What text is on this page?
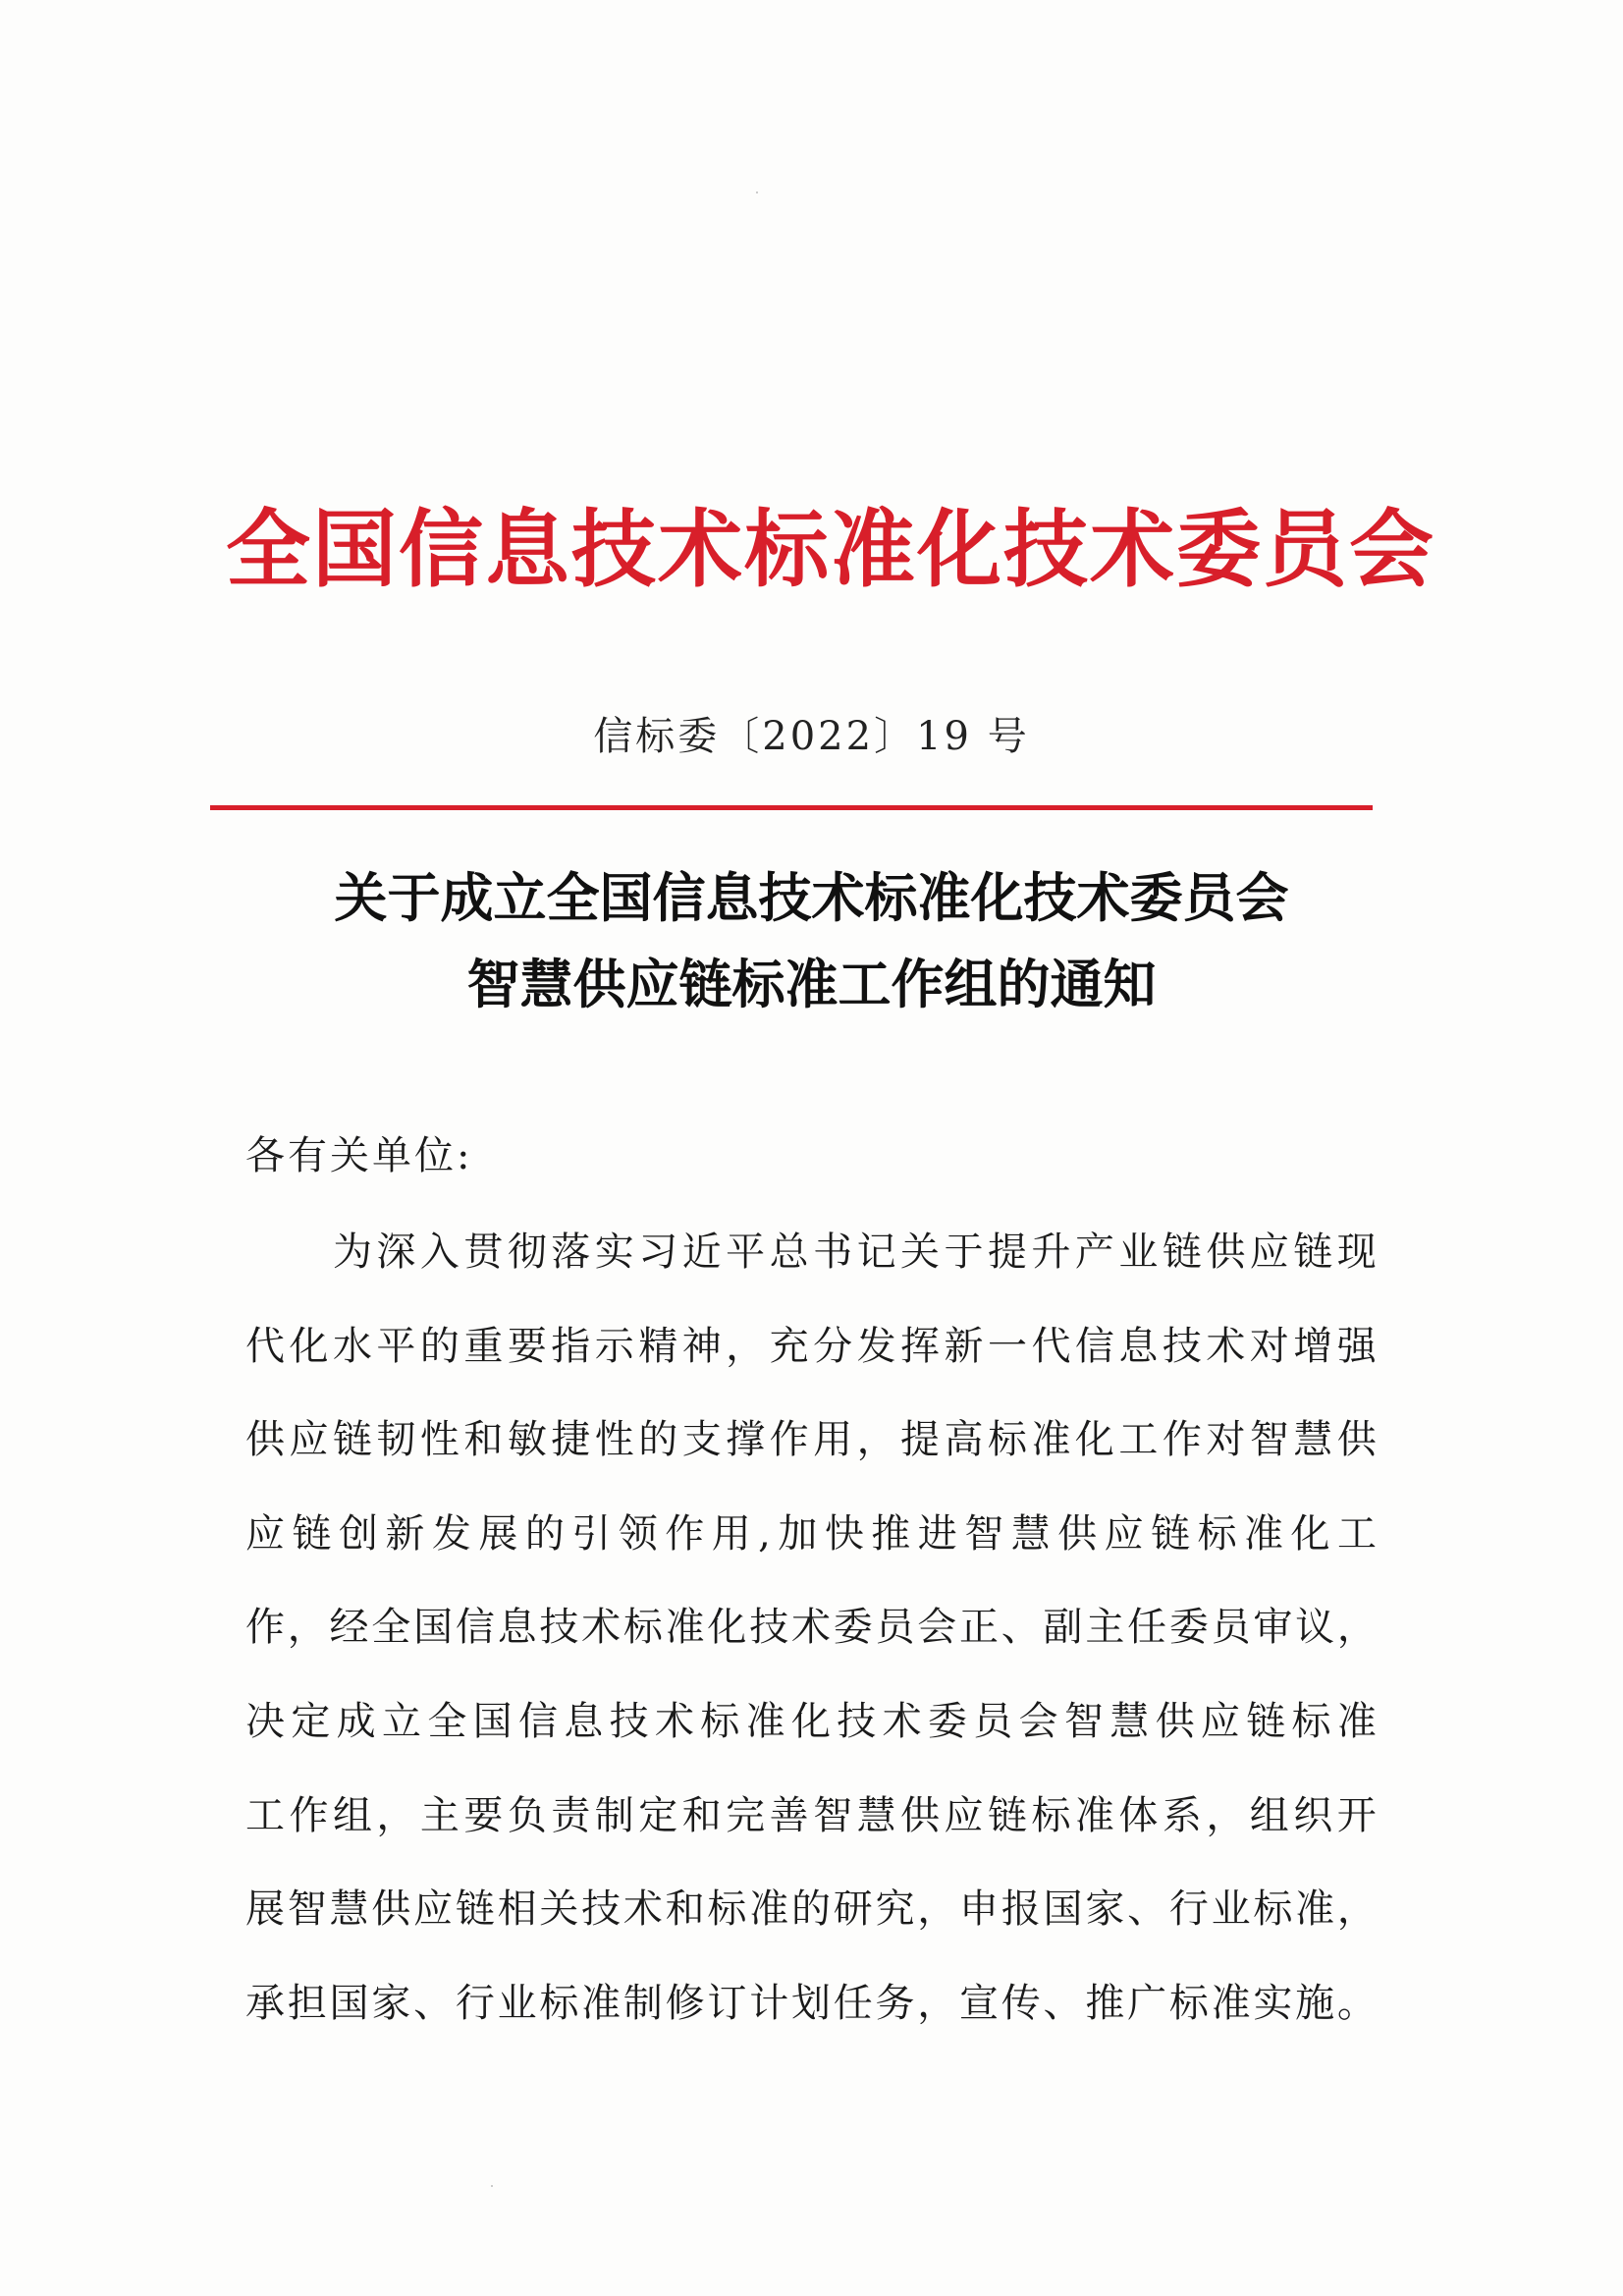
全国信息技术标准化技术委员会
信标委〔2022〕19 号
关于成立全国信息技术标准化技术委员会
智慧供应链标准工作组的通知
各有关单位:

为 深 入 贯 彻 落 实 习 近 平 总 书 记 关 于 提 升 产 业 链 供 应 链 现
代 化 水 平 的 重 要 指 示 精 神 ， 充 分 发 挥 新 一 代 信 息 技 术 对 增 强
供 应 链 韧 性 和 敏 捷 性 的 支 撑 作 用 ， 提 高 标 准 化 工 作 对 智 慧 供
应 链 创 新 发 展 的 引 领 作 用 , 加 快 推 进 智 慧 供 应 链 标 准 化 工
作 ， 经 全 国 信 息 技 术 标 准 化 技 术 委 员 会 正 、 副 主 任 委 员 审 议 ，
决 定 成 立 全 国 信 息 技 术 标 准 化 技 术 委 员 会 智 慧 供 应 链 标 准
工 作 组 ， 主 要 负 责 制 定 和 完 善 智 慧 供 应 链 标 准 体 系 ， 组 织 开
展 智 慧 供 应 链 相 关 技 术 和 标 准 的 研 究 ， 申 报 国 家 、 行 业 标 准 ，
承 担 国 家 、 行 业 标 准 制 修 订 计 划 任 务 ， 宣 传 、 推 广 标 准 实 施 。
